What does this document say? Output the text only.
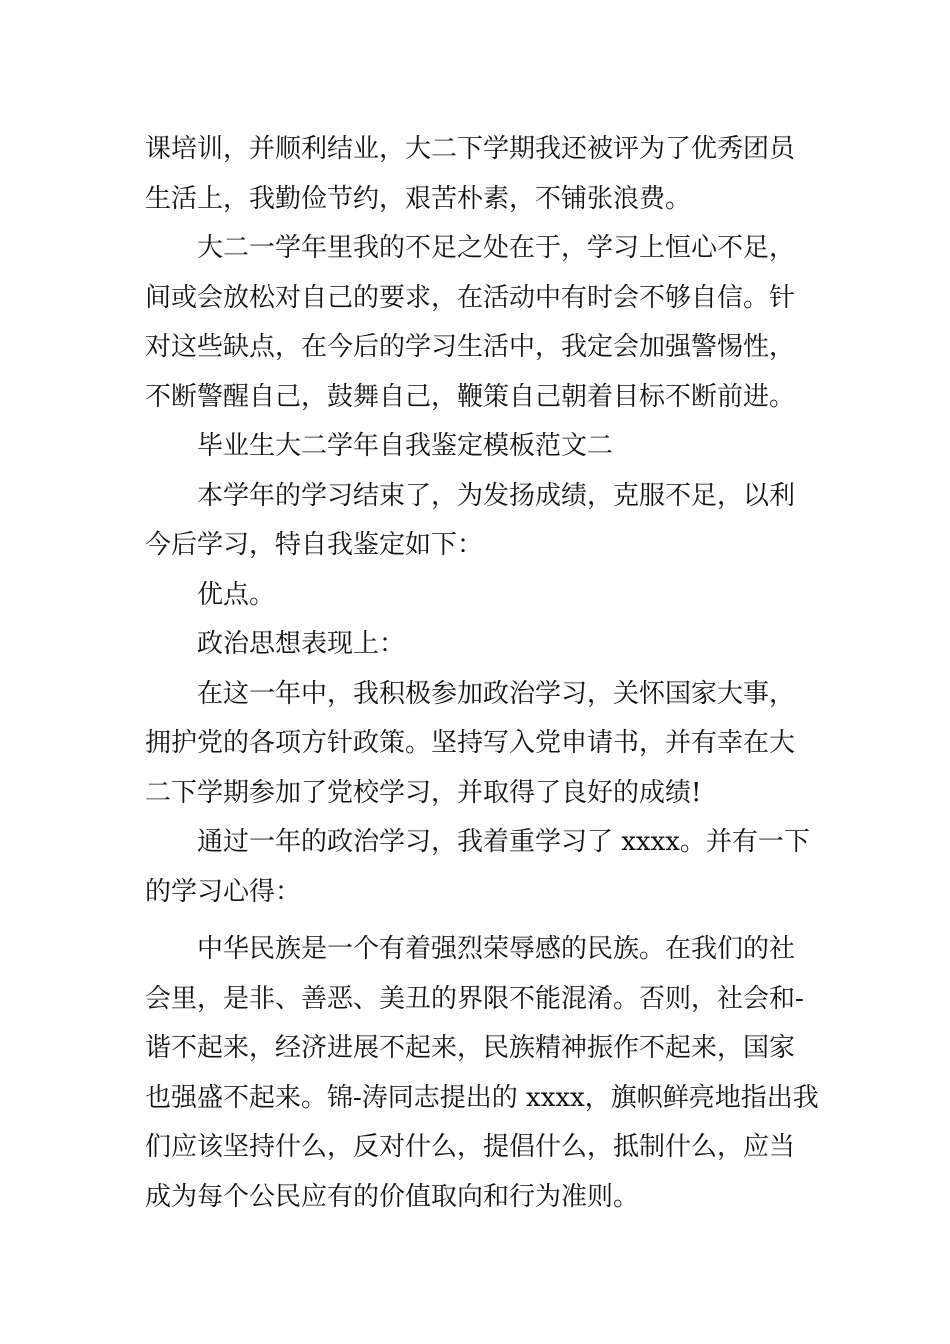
课培训，并顺利结业，大二下学期我还被评为了优秀团员
生活上，我勤俭节约，艰苦朴素，不铺张浪费。
大二一学年里我的不足之处在于，学习上恒心不足，
间或会放松对自己的要求，在活动中有时会不够自信。针
对这些缺点，在今后的学习生活中，我定会加强警惕性，
不断警醒自己，鼓舞自己，鞭策自己朝着目标不断前进。
毕业生大二学年自我鉴定模板范文二
本学年的学习结束了，为发扬成绩，克服不足，以利
今后学习，特自我鉴定如下：
优点。
政治思想表现上：
在这一年中，我积极参加政治学习，关怀国家大事，
拥护党的各项方针政策。坚持写入党申请书，并有幸在大
二下学期参加了党校学习，并取得了良好的成绩!
通过一年的政治学习，我着重学习了 xxxx。并有一下
的学习心得：
中华民族是一个有着强烈荣辱感的民族。在我们的社
会里，是非、善恶、美丑的界限不能混淆。否则，社会和-
谐不起来，经济进展不起来，民族精神振作不起来，国家
也强盛不起来。锦-涛同志提出的 xxxx，旗帜鲜亮地指出我
们应该坚持什么，反对什么，提倡什么，抵制什么，应当
成为每个公民应有的价值取向和行为准则。
